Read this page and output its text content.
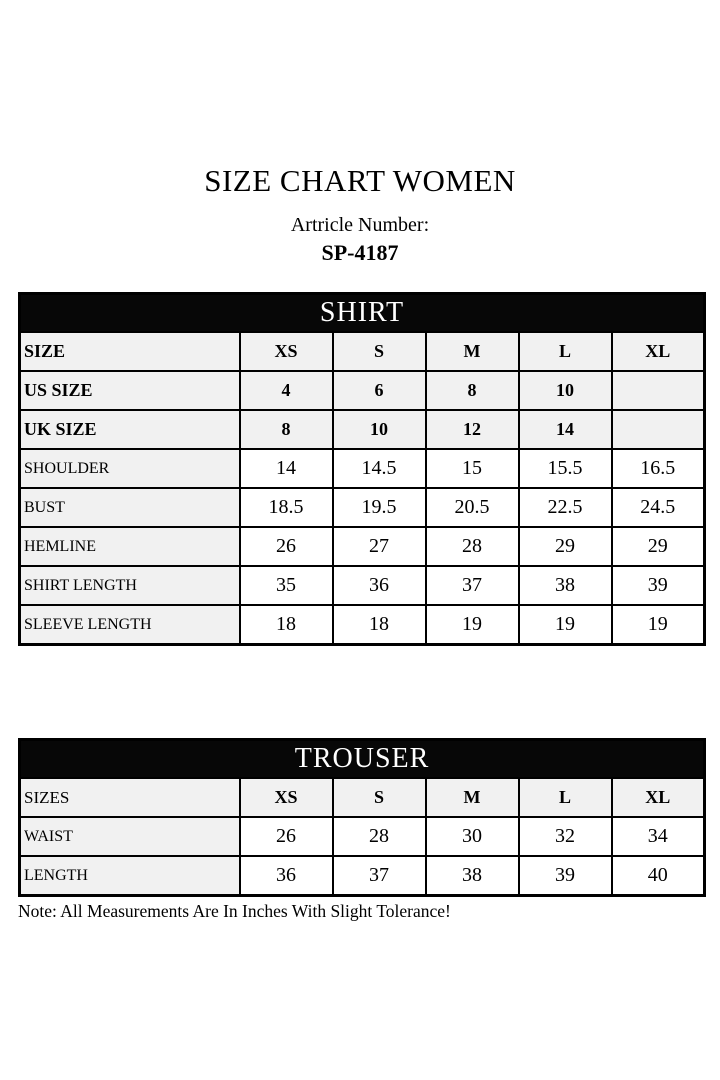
SIZE CHART WOMEN
Artricle Number:
SP-4187
SHIRT					
SIZE	XS	S	M	L	XL
US SIZE	4	6	8	10	
UK SIZE	8	10	12	14	
SHOULDER	14	14.5	15	15.5	16.5
BUST	18.5	19.5	20.5	22.5	24.5
HEMLINE	26	27	28	29	29
SHIRT LENGTH	35	36	37	38	39
SLEEVE LENGTH	18	18	19	19	19
TROUSER					
SIZES	XS	S	M	L	XL
WAIST	26	28	30	32	34
LENGTH	36	37	38	39	40
Note: All Measurements Are In Inches With Slight Tolerance!
